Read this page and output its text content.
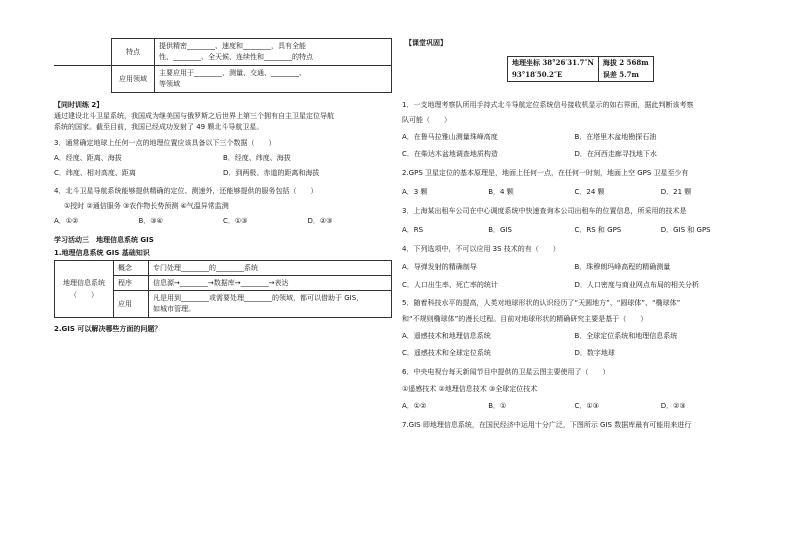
	特点	提供精密________、速度和________，具有全能
性、________、全天候、连续性和________的特点

	应用领域	主要应用于________、测量、交通、________、
等领域
【同时训练 2】
通过建设北斗卫星系统，我国成为继美国与俄罗斯之后世界上第三个拥有自主卫星定位导航
系统的国家。截至目前，我国已经成功发射了 49 颗北斗导航卫星。
3．通常确定地球上任何一点的地理位置应该具备以下三个数据（　　）
A．经度、距离、海拔	B．经度、纬度、海拔
C．纬度、相对高度、距离	D．到两极、赤道的距离和海拔
4．北斗卫星导航系统能够提供精确的定位、测速外，还能够提供的服务包括（　　）
①授时 ②通信服务 ③农作物长势预测 ④气温异常监测
A．①②	B．③④	C．①③	D．②③
学习活动三　地理信息系统 GIS
1.地理信息系统 GIS 基础知识
地理信息系统
（　　）	概念	专门处理________的________系统
	程序	信息源→________→数据库→________→表达
	应用	凡是用到________或需要处理________的领域，都可以借助于 GIS，
如城市管理。
2.GIS 可以解决哪些方面的问题？
【课堂巩固】
地理坐标 38°26′31.7″N	海拔 2 568m
93°18′50.2″E	误差 5.7m
1．一支地理考察队所用手持式北斗导航定位系统信号接收机显示的如右界面，据此判断该考察
队可能（　　）
A．在鲁马拉雅山测量珠峰高度	B．在塔里木盆地勘探石油
C．在柴达木盆地调查地质构造	D．在河西走廊寻找地下水
2.GPS 卫星定位的基本原理是，地面上任何一点，在任何一时刻，地面上空 GPS 卫星至少有
A．3 颗	B．4 颗	C．24 颗	D．21 颗
3．上海某出租车公司在中心调度系统中快速查询本公司出租车的位置信息，所采用的技术是
A．RS	B．GIS	C．RS 和 GPS	D．GIS 和 GPS
4．下列选项中，不可以应用 3S 技术的有（　　）
A．导弹发射的精确制导	B．珠穆朗玛峰高程的精确测量
C．人口出生率、死亡率的统计	D．人口密度与商业网点布局的相关分析
5．随着科技水平的提高，人类对地球形状的认识经历了“天圆地方”、“圆球体”、“椭球体”
和“不规则椭球体”的漫长过程。目前对地球形状的精确研究主要是基于（　　）
A．遥感技术和地理信息系统	B．全球定位系统和地理信息系统
C．遥感技术和全球定位系统	D．数字地球
6．中央电视台每天新闻节目中提供的卫星云图主要使用了（　　）
①遥感技术 ②地理信息技术 ③全球定位技术
A．①②	B．①	C．①③	D．②③
7.GIS 即地理信息系统，在国民经济中运用十分广泛，下图所示 GIS 数据库最有可能用来进行
